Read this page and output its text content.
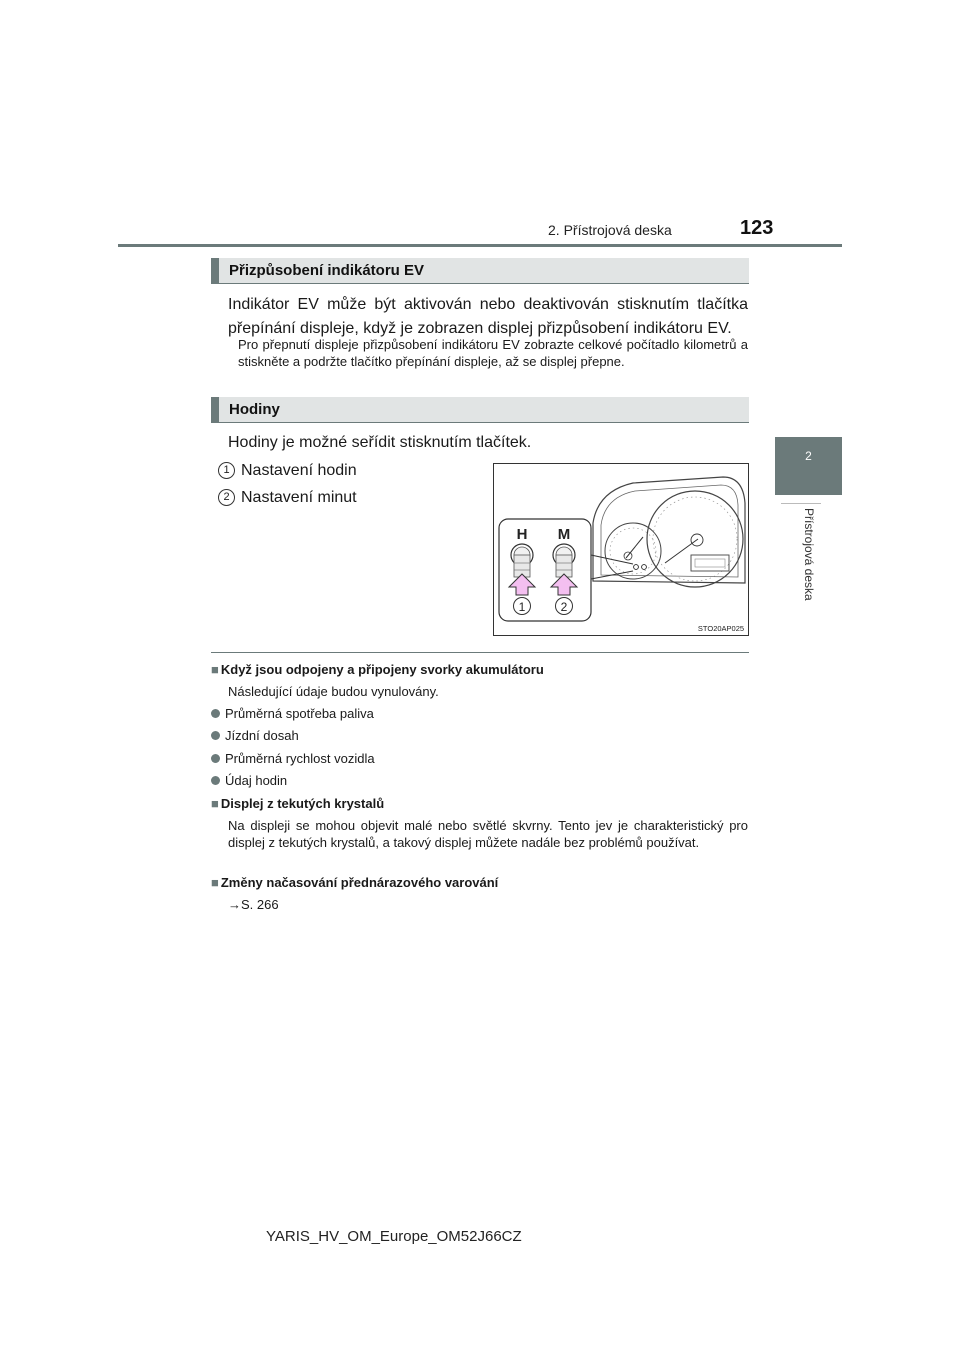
2. Přístrojová deska	123
2
Přístrojová deska
Přizpůsobení indikátoru EV
Indikátor EV může být aktivován nebo deaktivován stisknutím tlačítka přepínání displeje, když je zobrazen displej přizpůsobení indikátoru EV.
Pro přepnutí displeje přizpůsobení indikátoru EV zobrazte celkové počítadlo kilometrů a stiskněte a podržte tlačítko přepínání displeje, až se displej přepne.
Hodiny
Hodiny je možné seřídit stisknutím tlačítek.
1 Nastavení hodin
2 Nastavení minut
H M
1	2
STO20AP025
■ Když jsou odpojeny a připojeny svorky akumulátoru
Následující údaje budou vynulovány.
Průměrná spotřeba paliva
Jízdní dosah
Průměrná rychlost vozidla
Údaj hodin
■ Displej z tekutých krystalů
Na displeji se mohou objevit malé nebo světlé skvrny. Tento jev je charakteristický pro displej z tekutých krystalů, a takový displej můžete nadále bez problémů používat.
■ Změny načasování přednárazového varování
→S. 266
YARIS_HV_OM_Europe_OM52J66CZ
